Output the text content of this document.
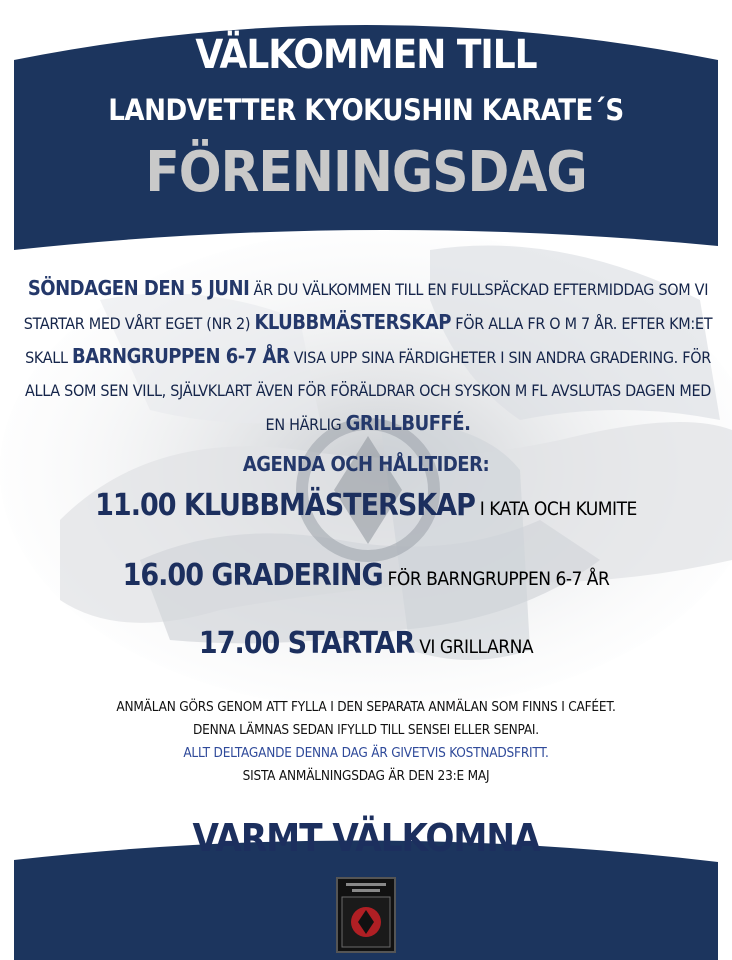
VÄLKOMMEN TILL
LANDVETTER KYOKUSHIN KARATE´S
FÖRENINGSDAG
SÖNDAGEN DEN 5 JUNI ÄR DU VÄLKOMMEN TILL EN FULLSPÄCKAD EFTERMIDDAG SOM VI STARTAR MED VÅRT EGET (NR 2) KLUBBMÄSTERSKAP FÖR ALLA FR O M 7 ÅR. EFTER KM:ET SKALL BARNGRUPPEN 6-7 ÅR VISA UPP SINA FÄRDIGHETER I SIN ANDRA GRADERING. FÖR ALLA SOM SEN VILL, SJÄLVKLART ÄVEN FÖR FÖRÄLDRAR OCH SYSKON M FL AVSLUTAS DAGEN MED EN HÄRLIG GRILLBUFFÉ.
AGENDA OCH HÅLLTIDER:
11.00 KLUBBMÄSTERSKAP I KATA OCH KUMITE
16.00 GRADERING FÖR BARNGRUPPEN 6-7 ÅR
17.00 STARTAR VI GRILLARNA
ANMÄLAN GÖRS GENOM ATT FYLLA I DEN SEPARATA ANMÄLAN SOM FINNS I CAFÉET.
DENNA LÄMNAS SEDAN IFYLLD TILL SENSEI ELLER SENPAI.
ALLT DELTAGANDE DENNA DAG ÄR GIVETVIS KOSTNADSFRITT.
SISTA ANMÄLNINGSDAG ÄR DEN 23:E MAJ
VARMT VÄLKOMNA
